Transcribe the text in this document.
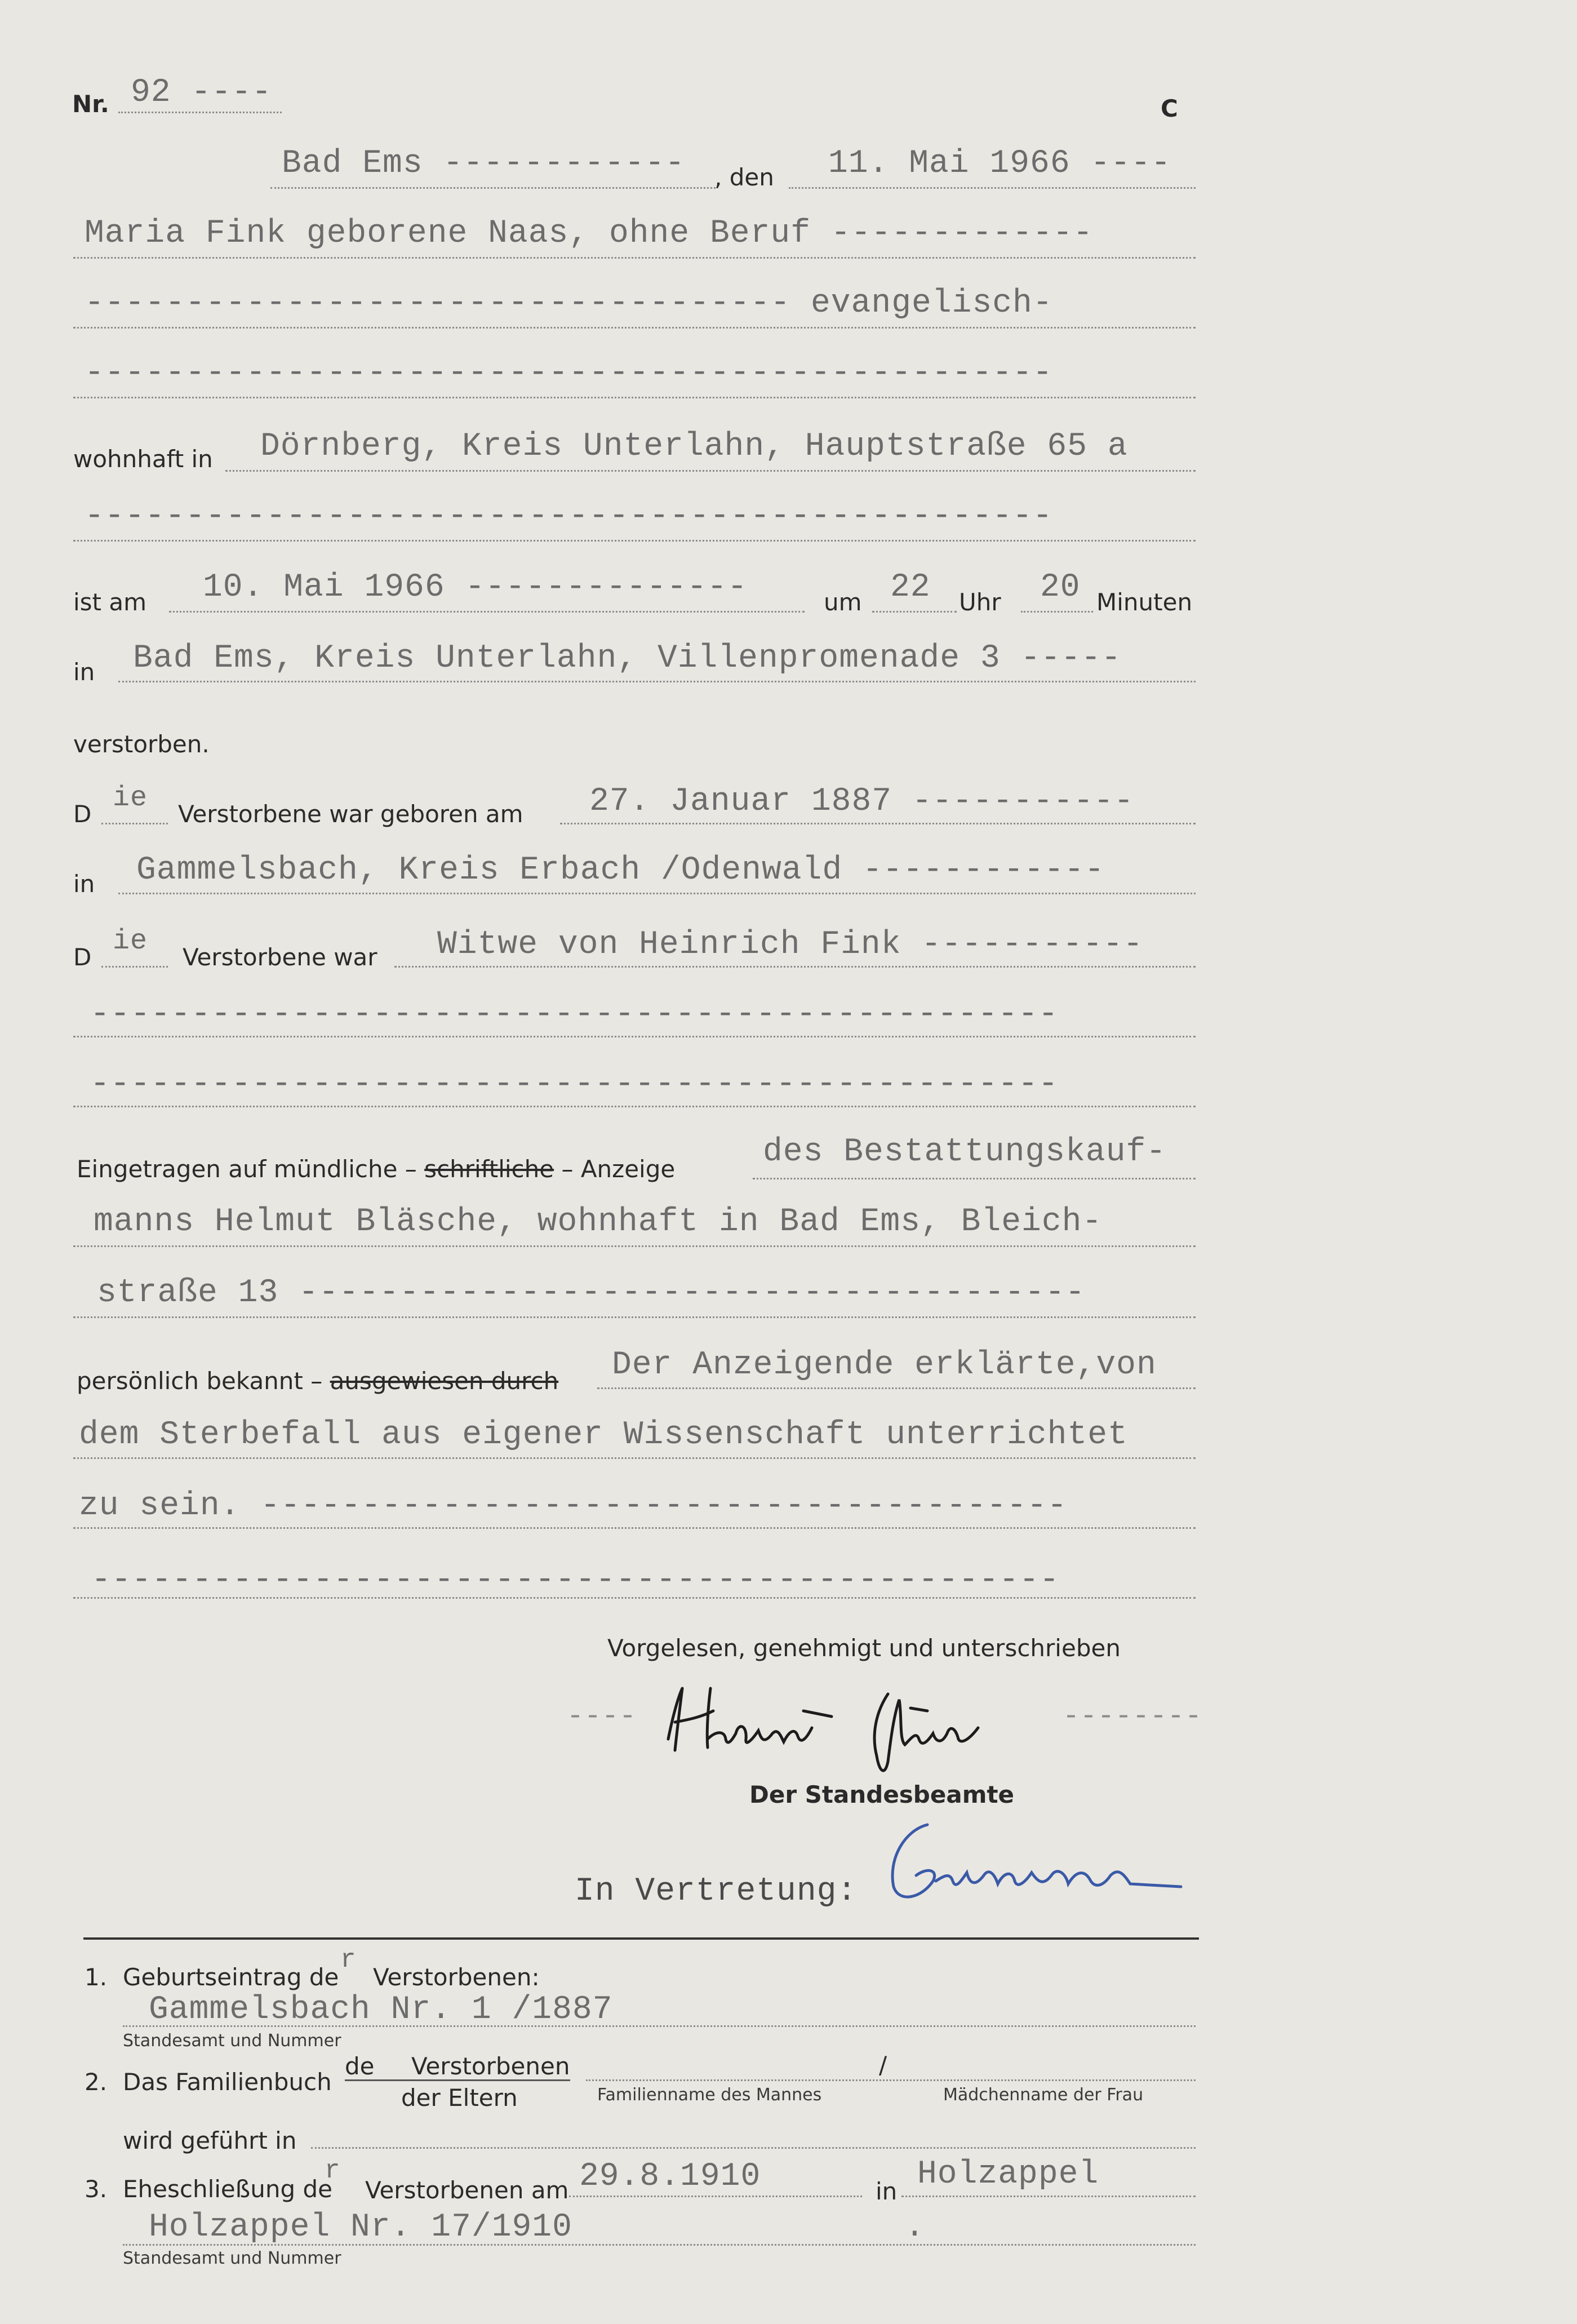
Nr. 92 ----	C
Bad Ems ------------ , den 11. Mai 1966 ----
Maria Fink geborene Naas, ohne Beruf -------------
----------------------------------- evangelisch-
------------------------------------------------
wohnhaft in Dörnberg, Kreis Unterlahn, Hauptstraße 65 a
------------------------------------------------
ist am 10. Mai 1966 --------------	um 22 Uhr 20 Minuten
in Bad Ems, Kreis Unterlahn, Villenpromenade 3 -----
verstorben.
D ie Verstorbene war geboren am 27. Januar 1887 -----------
in Gammelsbach, Kreis Erbach /Odenwald ------------
D ie Verstorbene war Witwe von Heinrich Fink -----------
------------------------------------------------
------------------------------------------------
Eingetragen auf mündliche – schriftliche – Anzeige	des Bestattungskauf-
manns Helmut Bläsche, wohnhaft in Bad Ems, Bleich-
straße 13 ---------------------------------------
persönlich bekannt – ausgewiesen durch Der Anzeigende erklärte,von
dem Sterbefall aus eigener Wissenschaft unterrichtet
zu sein. ----------------------------------------
------------------------------------------------
Vorgelesen, genehmigt und unterschrieben
----	--------
Der Standesbeamte
In Vertretung:
1. Geburtseintrag de
r
Verstorbenen:
Gammelsbach Nr. 1 /1887
Standesamt und Nummer
2. Das Familienbuch
de Verstorbenen
der Eltern
/
Familienname des Mannes	Mädchenname der Frau
wird geführt in
3. Eheschließung de
r
Verstorbenen am 29.8.1910	in Holzappel
Holzappel Nr. 17/1910	.
Standesamt und Nummer
